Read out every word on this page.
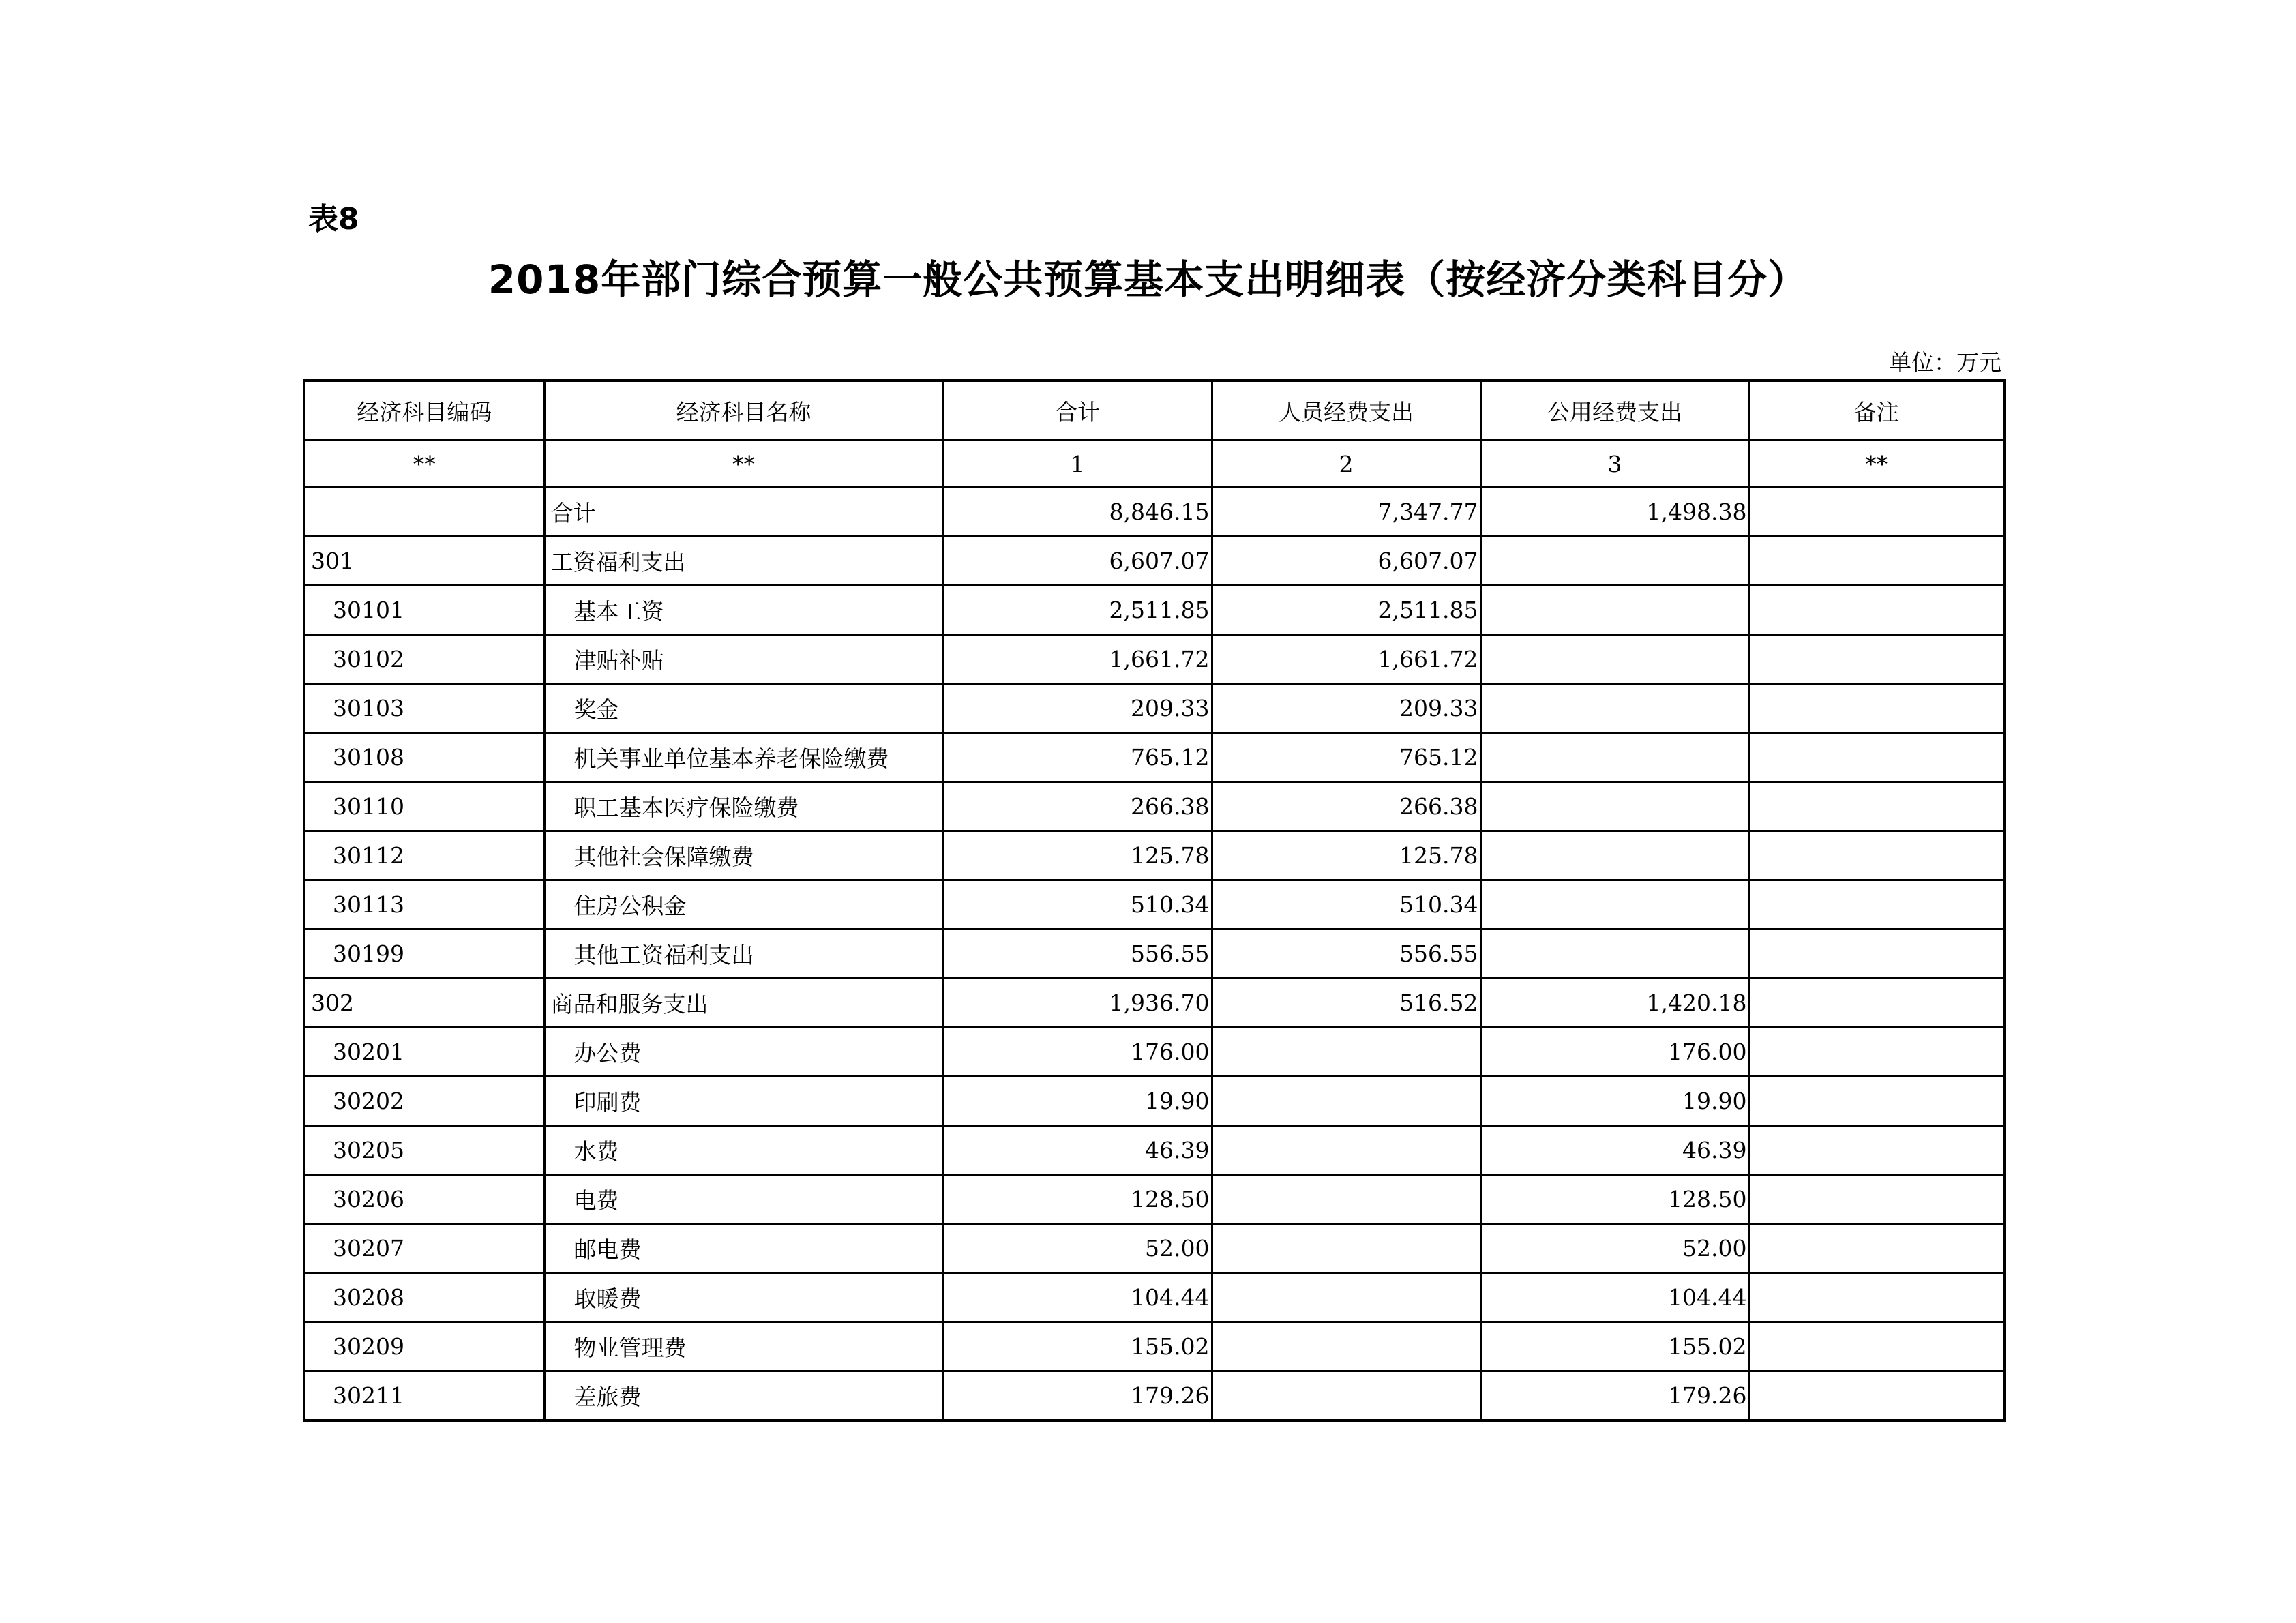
表8
2018年部门综合预算一般公共预算基本支出明细表（按经济分类科目分）
单位：万元
经济科目编码	经济科目名称	合计	人员经费支出	公用经费支出	备注
**	**	1	2	3	**
	合计	8,846.15	7,347.77	1,498.38	
301	工资福利支出	6,607.07	6,607.07		
30101	基本工资	2,511.85	2,511.85		
30102	津贴补贴	1,661.72	1,661.72		
30103	奖金	209.33	209.33		
30108	机关事业单位基本养老保险缴费	765.12	765.12		
30110	职工基本医疗保险缴费	266.38	266.38		
30112	其他社会保障缴费	125.78	125.78		
30113	住房公积金	510.34	510.34		
30199	其他工资福利支出	556.55	556.55		
302	商品和服务支出	1,936.70	516.52	1,420.18	
30201	办公费	176.00		176.00	
30202	印刷费	19.90		19.90	
30205	水费	46.39		46.39	
30206	电费	128.50		128.50	
30207	邮电费	52.00		52.00	
30208	取暖费	104.44		104.44	
30209	物业管理费	155.02		155.02	
30211	差旅费	179.26		179.26	
